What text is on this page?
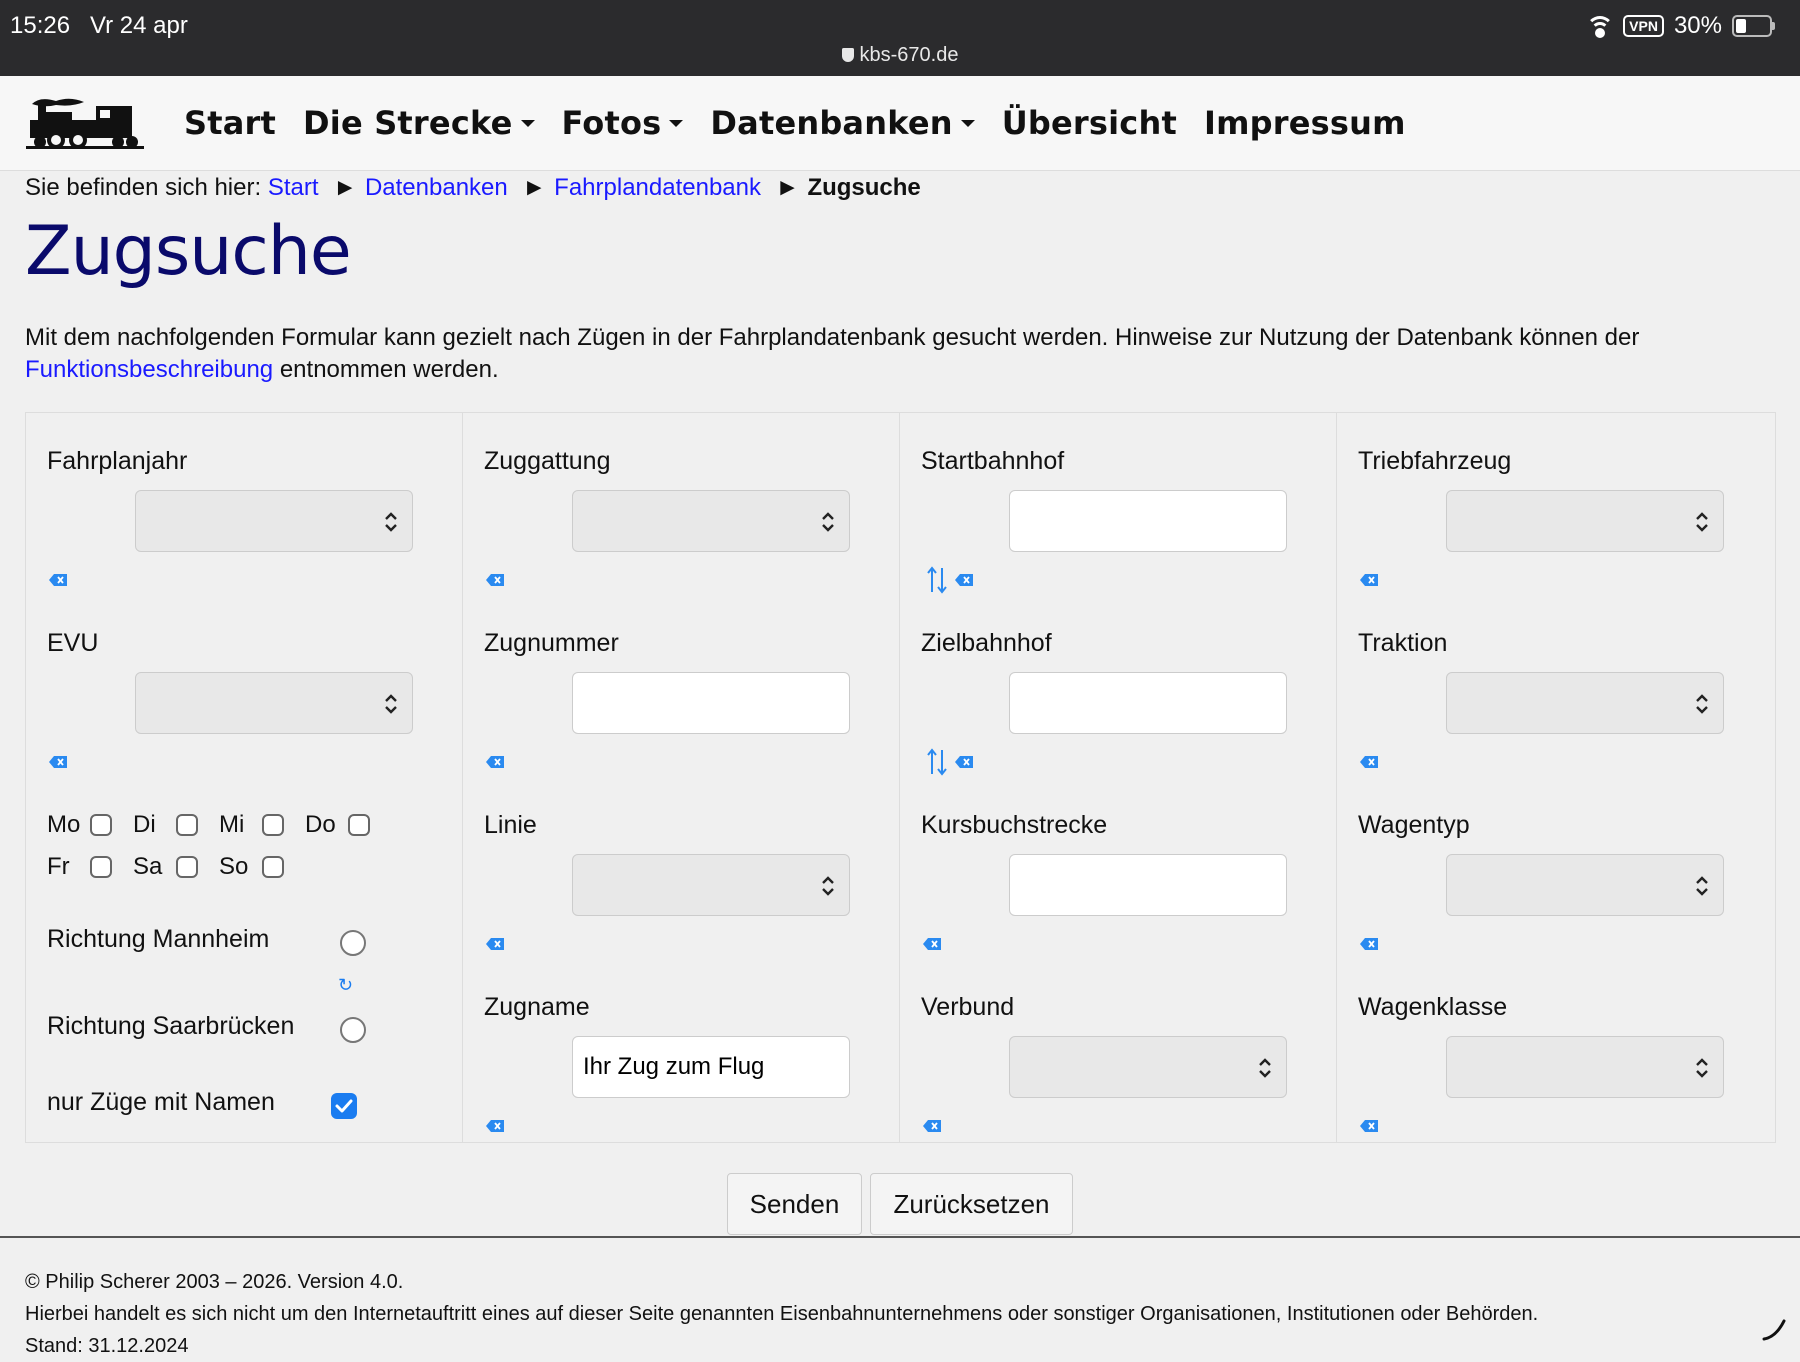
15:26 Vr 24 apr
kbs-670.de
VPN 30%
Start Die Strecke Fotos Datenbanken Übersicht Impressum
Sie befinden sich hier: Start ► Datenbanken ► Fahrplandatenbank ► Zugsuche
Zugsuche
Mit dem nachfolgenden Formular kann gezielt nach Zügen in der Fahrplandatenbank gesucht werden. Hinweise zur Nutzung der Datenbank können der Funktionsbeschreibung entnommen werden.
Fahrplanjahr
EVU
Mo Di	Mi	Do
Fr	Sa So
Richtung Mannheim
↻
Richtung Saarbrücken
nur Züge mit Namen
Zuggattung
Zugnummer
Linie
Zugname
Ihr Zug zum Flug
Startbahnhof
Zielbahnhof
Kursbuchstrecke
Verbund
Triebfahrzeug
Traktion
Wagentyp
Wagenklasse
Senden	Zurücksetzen
© Philip Scherer 2003 – 2026. Version 4.0.
Hierbei handelt es sich nicht um den Internetauftritt eines auf dieser Seite genannten Eisenbahnunternehmens oder sonstiger Organisationen, Institutionen oder Behörden.
Stand: 31.12.2024
